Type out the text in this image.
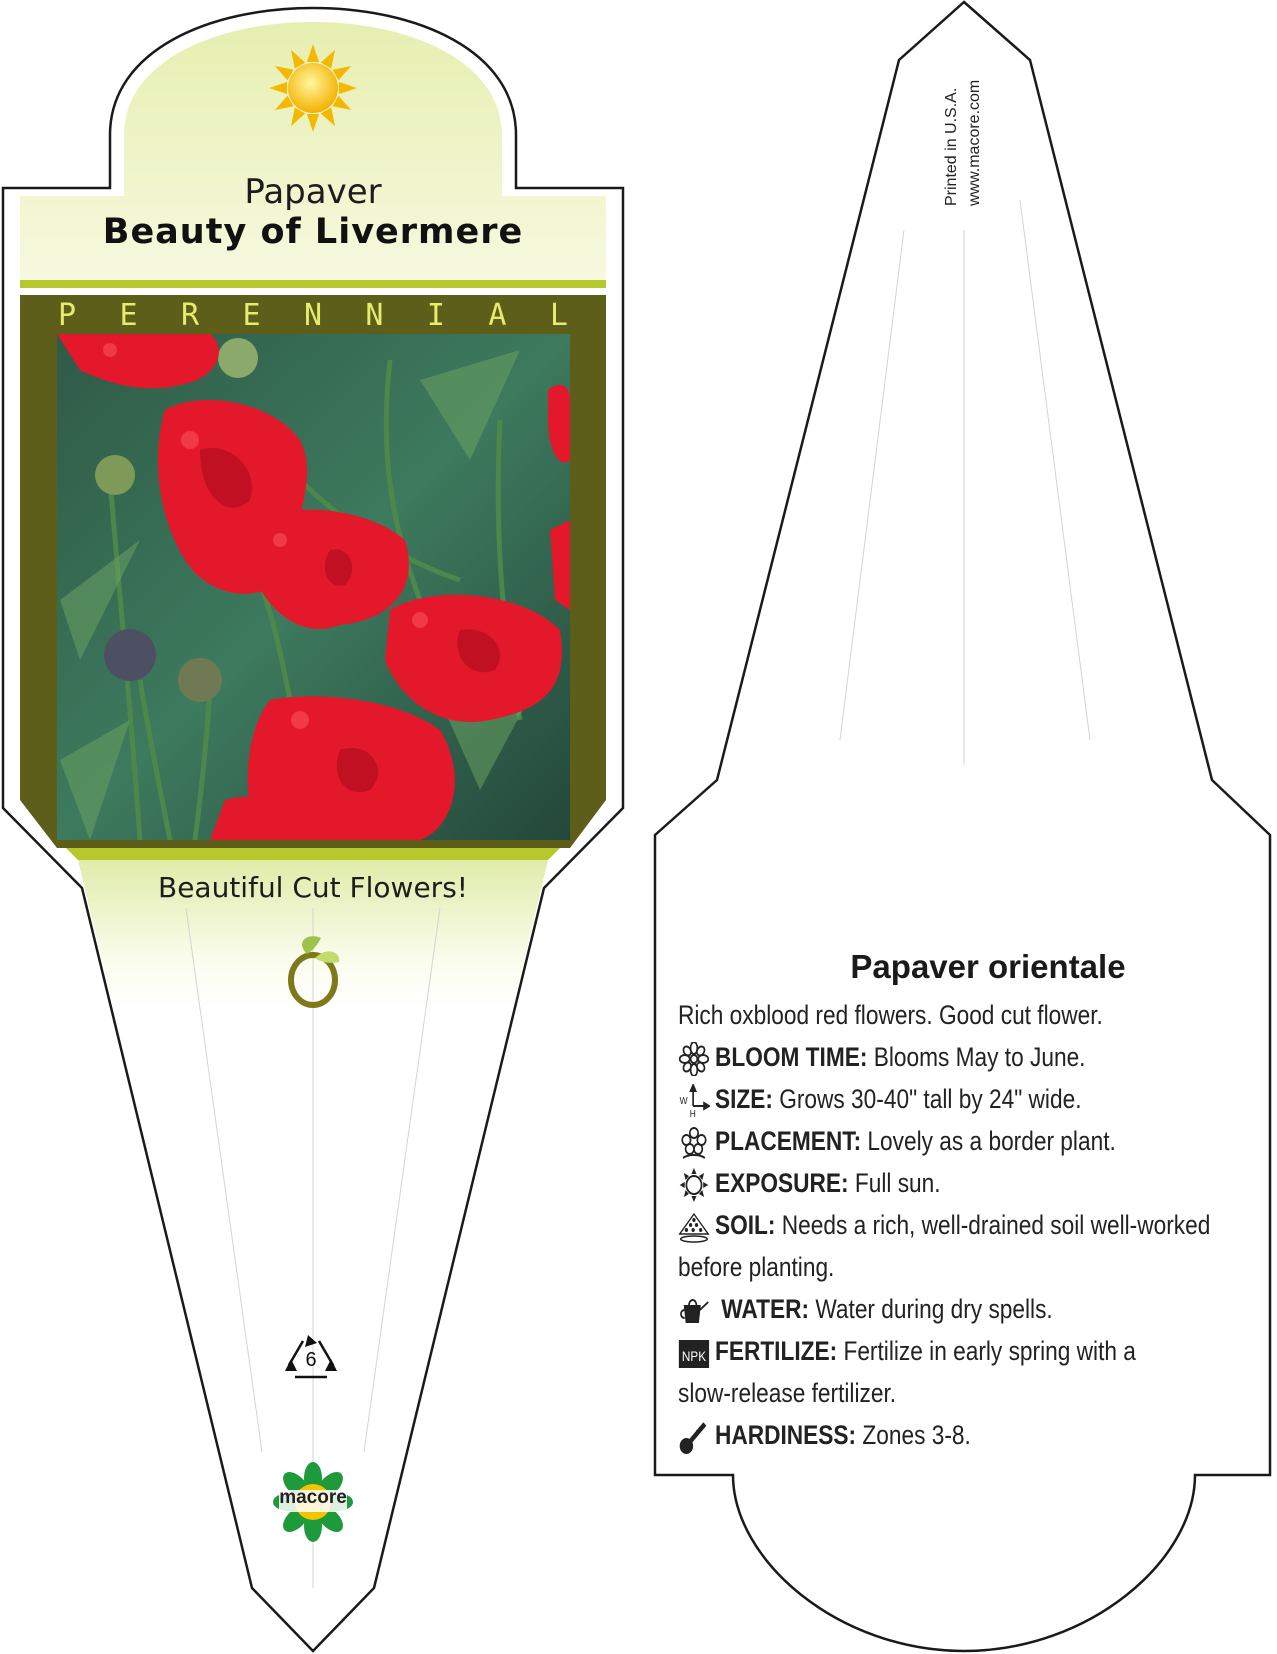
Papaver
Beauty of Livermere
P E R E N N I A L
Beautiful Cut Flowers!
6
macore
Printed in U.S.A. www.macore.com
Papaver orientale
Rich oxblood red flowers. Good cut flower.
BLOOM TIME: Blooms May to June.
W
H SIZE: Grows 30-40" tall by 24" wide.
PLACEMENT: Lovely as a border plant.
EXPOSURE: Full sun.
SOIL: Needs a rich, well-drained soil well-worked
before planting.
WATER: Water during dry spells.
NPK FERTILIZE: Fertilize in early spring with a
slow-release fertilizer.
HARDINESS: Zones 3-8.
